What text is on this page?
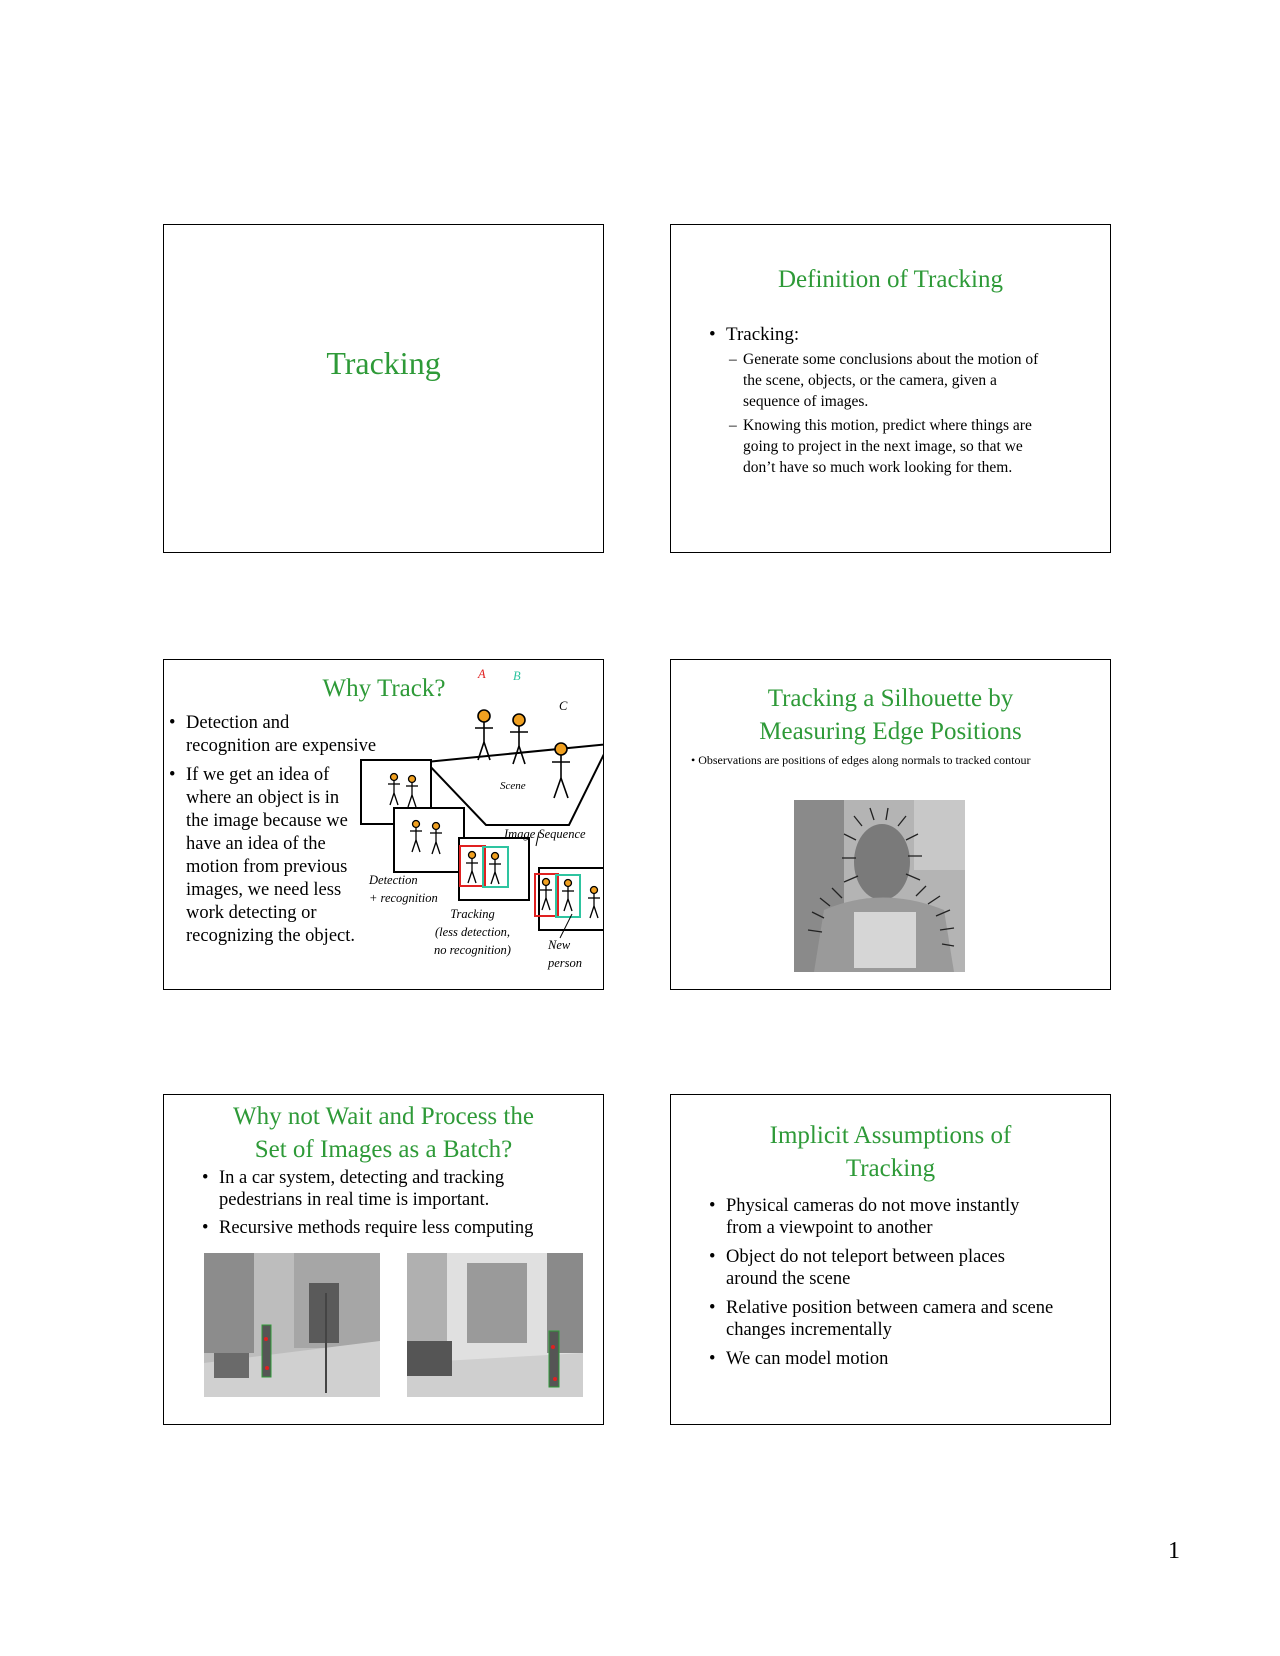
Tracking
Definition of Tracking
• Tracking:
– Generate some conclusions about the motion of
the scene, objects, or the camera, given a
sequence of images.
– Knowing this motion, predict where things are
going to project in the next image, so that we
don’t have so much work looking for them.
Why Track?
• Detection and
recognition are expensive
• If we get an idea of
where an object is in
the image because we
have an idea of the
motion from previous
images, we need less
work detecting or
recognizing the object.
A B
C
Scene
Image Sequence
Detection
+ recognition
Tracking
(less detection,
no recognition)	New
person
Tracking a Silhouette by
Measuring Edge Positions
• Observations are positions of edges along normals to tracked contour
Why not Wait and Process the
Set of Images as a Batch?
• In a car system, detecting and tracking
pedestrians in real time is important.
• Recursive methods require less computing
Implicit Assumptions of
Tracking
• Physical cameras do not move instantly
from a viewpoint to another
• Object do not teleport between places
around the scene
• Relative position between camera and scene
changes incrementally
• We can model motion
1
